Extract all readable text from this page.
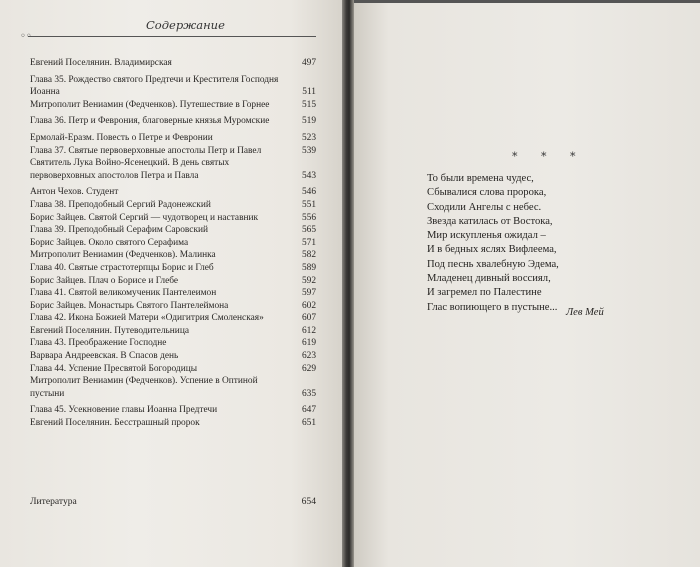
◦◦
Содержание
Евгений Поселянин. Владимирская	497
Глава 35. Рождество святого Предтечи и Крестителя Господня Иоанна	511
Митрополит Вениамин (Федченков). Путешествие в Горнее	515
Глава 36. Петр и Феврония, благоверные князья Муромские	519
Ермолай-Еразм. Повесть о Петре и Февронии	523
Глава 37. Святые первоверховные апостолы Петр и Павел	539
Святитель Лука Войно-Ясенецкий. В день святых первоверховных апостолов Петра и Павла	543
Антон Чехов. Студент	546
Глава 38. Преподобный Сергий Радонежский	551
Борис Зайцев. Святой Сергий — чудотворец и наставник	556
Глава 39. Преподобный Серафим Саровский	565
Борис Зайцев. Около святого Серафима	571
Митрополит Вениамин (Федченков). Малинка	582
Глава 40. Святые страстотерпцы Борис и Глеб	589
Борис Зайцев. Плач о Борисе и Глебе	592
Глава 41. Святой великомученик Пантелеимон	597
Борис Зайцев. Монастырь Святого Пантелеймона	602
Глава 42. Икона Божией Матери «Одигитрия Смоленская»	607
Евгений Поселянин. Путеводительница	612
Глава 43. Преображение Господне	619
Варвара Андреевская. В Спасов день	623
Глава 44. Успение Пресвятой Богородицы	629
Митрополит Вениамин (Федченков). Успение в Оптиной пустыни	635
Глава 45. Усекновение главы Иоанна Предтечи	647
Евгений Поселянин. Бесстрашный пророк	651
Литература	654
* * *
То были времена чудес,
Сбывалися слова пророка,
Сходили Ангелы с небес.
Звезда катилась от Востока,
Мир искупленья ожидал –
И в бедных яслях Вифлеема,
Под песнь хвалебную Эдема,
Младенец дивный воссиял,
И загремел по Палестине
Глас вопиющего в пустыне... Лев Мей
